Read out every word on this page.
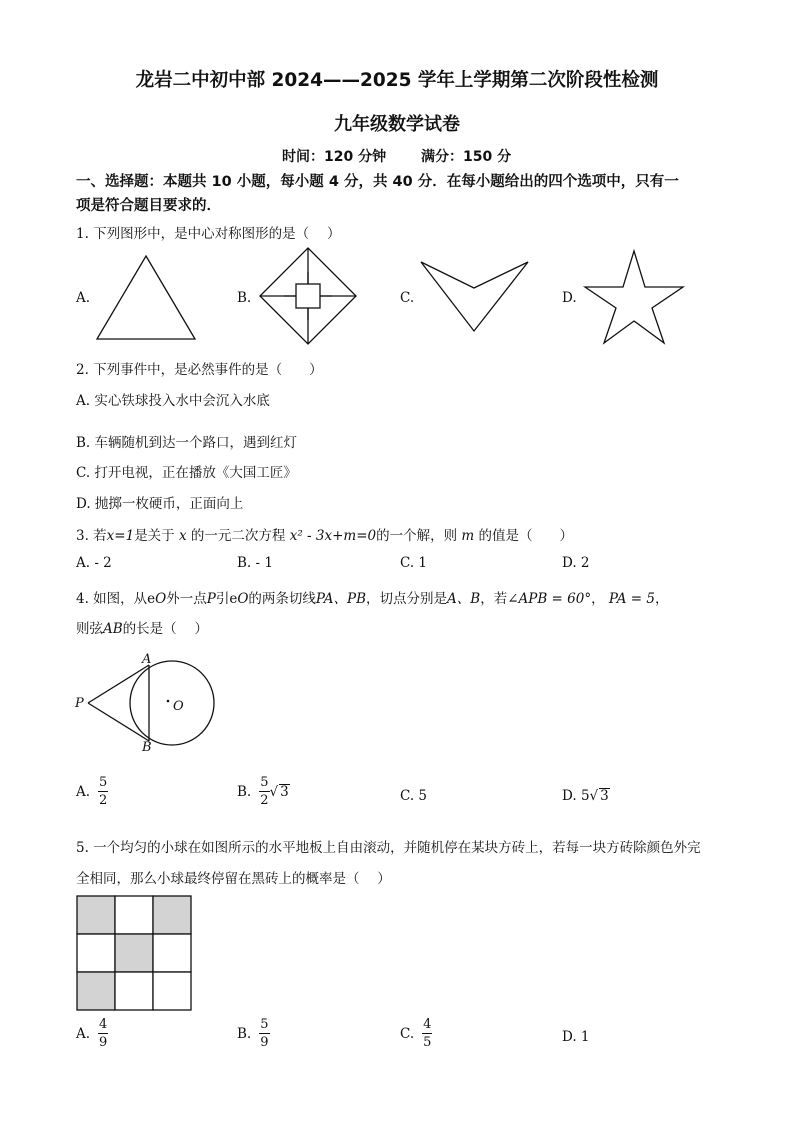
龙岩二中初中部 2024——2025 学年上学期第二次阶段性检测
九年级数学试卷
时间：120 分钟 满分：150 分
一、选择题：本题共 10 小题，每小题 4 分，共 40 分．在每小题给出的四个选项中，只有一
项是符合题目要求的．
1. 下列图形中，是中心对称图形的是（　 ）
A.	B.	C.	D.
2. 下列事件中，是必然事件的是（　　）
A. 实心铁球投入水中会沉入水底
B. 车辆随机到达一个路口，遇到红灯
C. 打开电视，正在播放《大国工匠》
D. 抛掷一枚硬币，正面向上
3. 若x=1是关于 x 的一元二次方程 x² - 3x+m=0的一个解，则 m 的值是（　　）
A. - 2	B. - 1	C. 1	D. 2
4. 如图，从eO外一点P引eO的两条切线PA、PB，切点分别是A、B，若∠APB = 60°， PA = 5，
则弦AB的长是（　 ）
A
B
P	O
A. $\frac{5}{2}$	B. $\frac{5}{2}$ √ 3	C. 5	D. 5√ 3
5. 一个均匀的小球在如图所示的水平地板上自由滚动，并随机停在某块方砖上，若每一块方砖除颜色外完
全相同，那么小球最终停留在黑砖上的概率是（　 ）
A. $\frac{4}{9}$	B. $\frac{5}{9}$	C. $\frac{4}{5}$	D. 1
